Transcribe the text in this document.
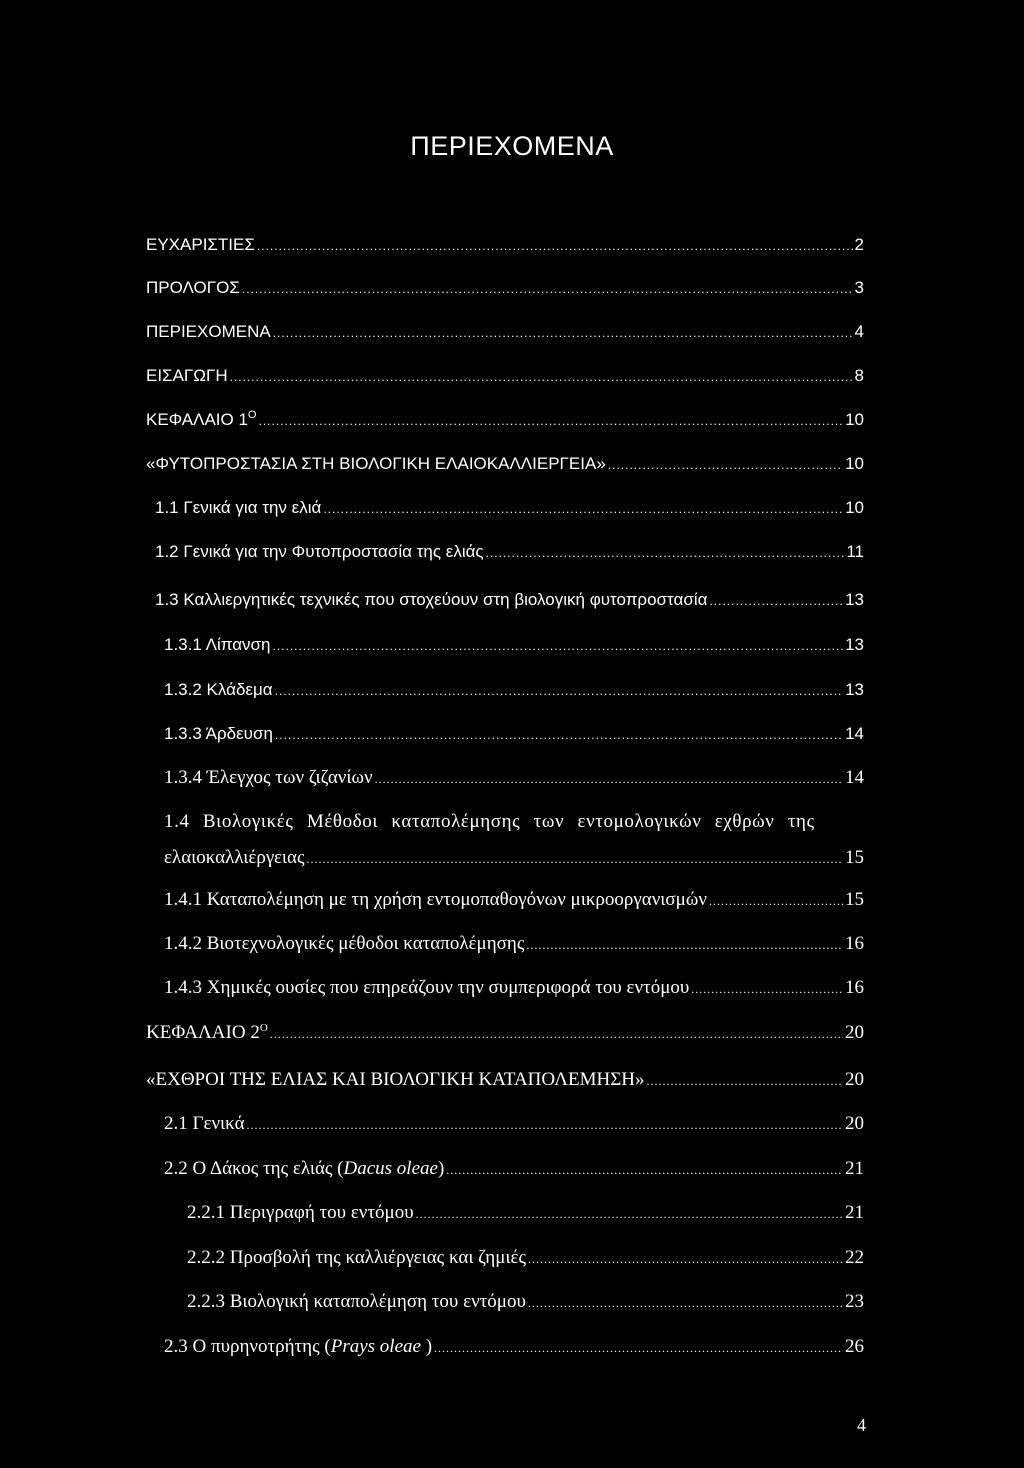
ΠΕΡΙΕΧΟΜΕΝΑ
ΕΥΧΑΡΙΣΤΙΕΣ .....	2
ΠΡΟΛΟΓΟΣ .....	3
ΠΕΡΙΕΧΟΜΕΝΑ .....	4
ΕΙΣΑΓΩΓΗ .....	8
ΚΕΦΑΛΑΙΟ $1^O$ .....	10
«ΦΥΤΟΠΡΟΣΤΑΣΙΑ ΣΤΗ ΒΙΟΛΟΓΙΚΗ ΕΛΑΙΟΚΑΛΛΙΕΡΓΕΙΑ» .....	10
1.1 Γενικά για την ελιά .....	10
1.2 Γενικά για την Φυτοπροστασία της ελιάς .....	11
1.3 Καλλιεργητικές τεχνικές που στοχεύουν στη βιολογική φυτοπροστασία .....	13
1.3.1 Λίπανση .....	13
1.3.2 Κλάδεμα .....	13
1.3.3 Άρδευση .....	14
1.3.4 Έλεγχος των ζιζανίων .....	14
1.4 Βιολογικές Μέθοδοι καταπολέμησης των εντομολογικών εχθρών της
ελαιοκαλλιέργειας .....	15
1.4.1 Καταπολέμηση με τη χρήση εντομοπαθογόνων μικροοργανισμών .....	15
1.4.2 Βιοτεχνολογικές μέθοδοι καταπολέμησης .....	16
1.4.3 Χημικές ουσίες που επηρεάζουν την συμπεριφορά του εντόμου .....	16
ΚΕΦΑΛΑΙΟ $2^O$ .....	20
«ΕΧΘΡΟΙ ΤΗΣ ΕΛΙΑΣ ΚΑΙ ΒΙΟΛΟΓΙΚΗ ΚΑΤΑΠΟΛΕΜΗΣΗ» .....	20
2.1 Γενικά .....	20
2.2 Ο Δάκος της ελιάς (Dacus oleae) .....	21
2.2.1 Περιγραφή του εντόμου .....	21
2.2.2 Προσβολή της καλλιέργειας και ζημιές .....	22
2.2.3 Βιολογική καταπολέμηση του εντόμου .....	23
2.3 Ο πυρηνοτρήτης (Prays oleae ) .....	26
4
